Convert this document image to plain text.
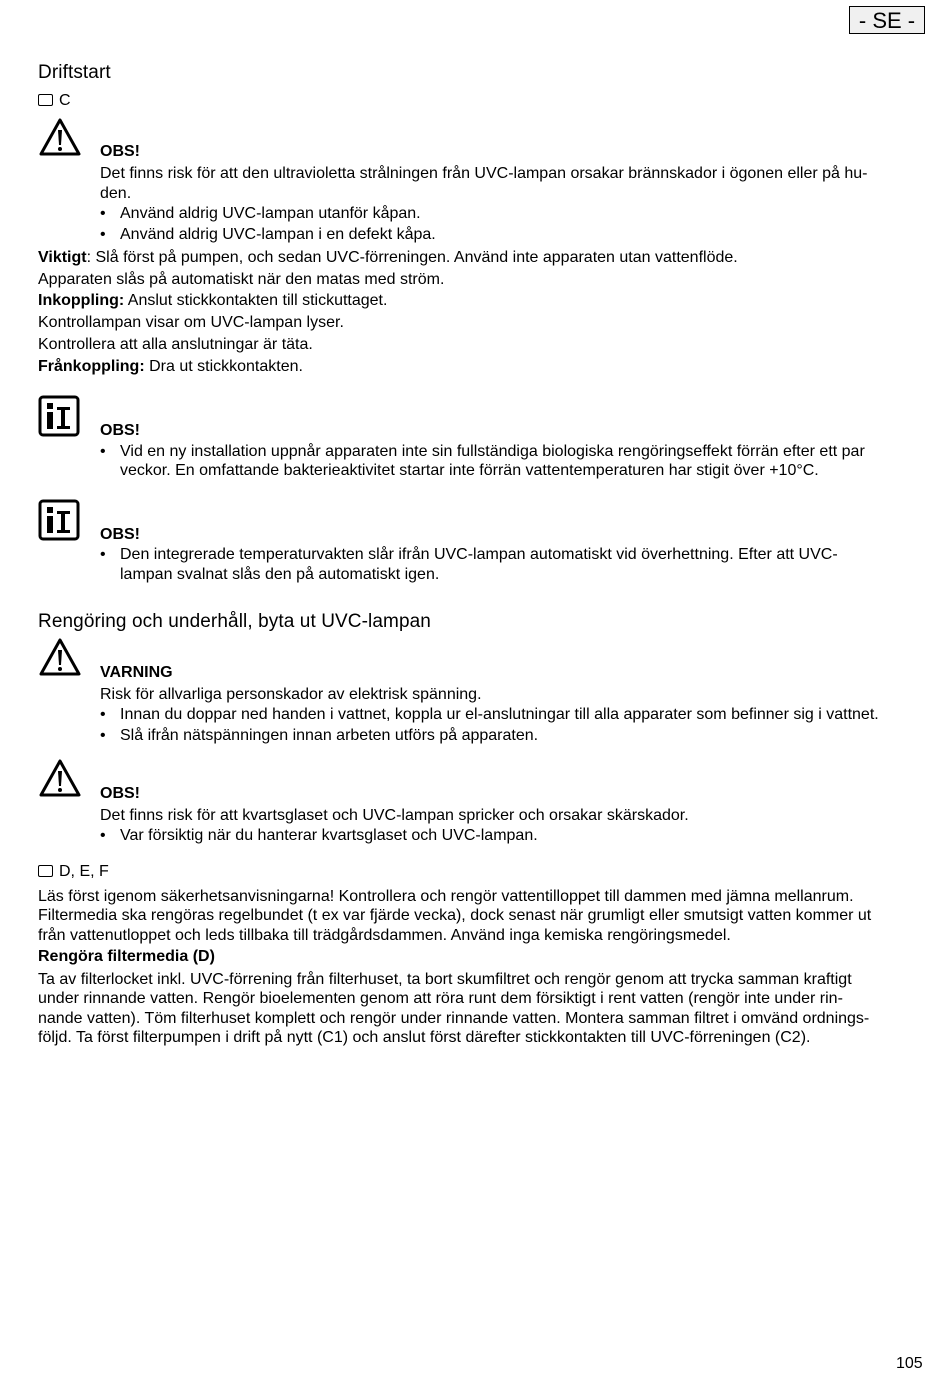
- SE -
Driftstart
C
OBS!
Det finns risk för att den ultravioletta strålningen från UVC-lampan orsakar brännskador i ögonen eller på hu-
den.
• Använd aldrig UVC-lampan utanför kåpan.
• Använd aldrig UVC-lampan i en defekt kåpa.
Viktigt: Slå först på pumpen, och sedan UVC-förreningen. Använd inte apparaten utan vattenflöde.
Apparaten slås på automatiskt när den matas med ström.
Inkoppling: Anslut stickkontakten till stickuttaget.
Kontrollampan visar om UVC-lampan lyser.
Kontrollera att alla anslutningar är täta.
Frånkoppling: Dra ut stickkontakten.
OBS!
• Vid en ny installation uppnår apparaten inte sin fullständiga biologiska rengöringseffekt förrän efter ett par
veckor. En omfattande bakterieaktivitet startar inte förrän vattentemperaturen har stigit över +10°C.
OBS!
• Den integrerade temperaturvakten slår ifrån UVC-lampan automatiskt vid överhettning. Efter att UVC-
lampan svalnat slås den på automatiskt igen.
Rengöring och underhåll, byta ut UVC-lampan
VARNING
Risk för allvarliga personskador av elektrisk spänning.
• Innan du doppar ned handen i vattnet, koppla ur el-anslutningar till alla apparater som befinner sig i vattnet.
• Slå ifrån nätspänningen innan arbeten utförs på apparaten.
OBS!
Det finns risk för att kvartsglaset och UVC-lampan spricker och orsakar skärskador.
• Var försiktig när du hanterar kvartsglaset och UVC-lampan.
D, E, F
Läs först igenom säkerhetsanvisningarna! Kontrollera och rengör vattentilloppet till dammen med jämna mellanrum.
Filtermedia ska rengöras regelbundet (t ex var fjärde vecka), dock senast när grumligt eller smutsigt vatten kommer ut
från vattenutloppet och leds tillbaka till trädgårdsdammen. Använd inga kemiska rengöringsmedel.
Rengöra filtermedia (D)
Ta av filterlocket inkl. UVC-förrening från filterhuset, ta bort skumfiltret och rengör genom att trycka samman kraftigt
under rinnande vatten. Rengör bioelementen genom att röra runt dem försiktigt i rent vatten (rengör inte under rin-
nande vatten). Töm filterhuset komplett och rengör under rinnande vatten. Montera samman filtret i omvänd ordnings-
följd. Ta först filterpumpen i drift på nytt (C1) och anslut först därefter stickkontakten till UVC-förreningen (C2).
105
